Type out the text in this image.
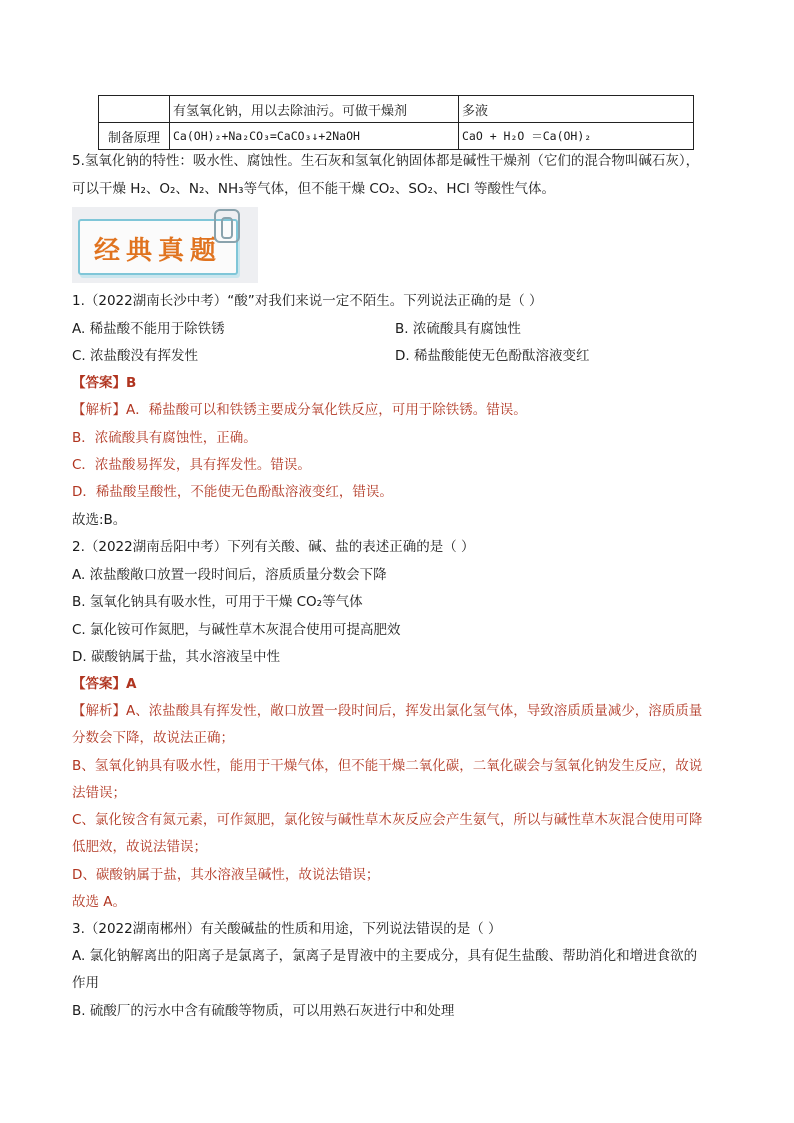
	有氢氧化钠，用以去除油污。可做干燥剂	多液
制备原理	Ca(OH)₂+Na₂CO₃=CaCO₃↓+2NaOH	CaO + H₂O ＝Ca(OH)₂
5.氢氧化钠的特性：吸水性、腐蚀性。生石灰和氢氧化钠固体都是碱性干燥剂（它们的混合物叫碱石灰），
可以干燥 H₂、O₂、N₂、NH₃等气体，但不能干燥 CO₂、SO₂、HCl 等酸性气体。
经典真题
1.（2022湖南长沙中考）“酸”对我们来说一定不陌生。下列说法正确的是（ ）
A. 稀盐酸不能用于除铁锈	B. 浓硫酸具有腐蚀性
C. 浓盐酸没有挥发性	D. 稀盐酸能使无色酚酞溶液变红
【答案】B
【解析】A．稀盐酸可以和铁锈主要成分氧化铁反应，可用于除铁锈。错误。
B．浓硫酸具有腐蚀性，正确。
C．浓盐酸易挥发，具有挥发性。错误。
D．稀盐酸呈酸性，不能使无色酚酞溶液变红，错误。
故选:B。
2.（2022湖南岳阳中考）下列有关酸、碱、盐的表述正确的是（ ）
A. 浓盐酸敞口放置一段时间后，溶质质量分数会下降
B. 氢氧化钠具有吸水性，可用于干燥 CO₂等气体
C. 氯化铵可作氮肥，与碱性草木灰混合使用可提高肥效
D. 碳酸钠属于盐，其水溶液呈中性
【答案】A
【解析】A、浓盐酸具有挥发性，敞口放置一段时间后，挥发出氯化氢气体，导致溶质质量减少，溶质质量
分数会下降，故说法正确；
B、氢氧化钠具有吸水性，能用于干燥气体，但不能干燥二氧化碳，二氧化碳会与氢氧化钠发生反应，故说
法错误；
C、氯化铵含有氮元素，可作氮肥，氯化铵与碱性草木灰反应会产生氨气，所以与碱性草木灰混合使用可降
低肥效，故说法错误；
D、碳酸钠属于盐，其水溶液呈碱性，故说法错误；
故选 A。
3.（2022湖南郴州）有关酸碱盐的性质和用途，下列说法错误的是（ ）
A. 氯化钠解离出的阳离子是氯离子，氯离子是胃液中的主要成分，具有促生盐酸、帮助消化和增进食欲的
作用
B. 硫酸厂的污水中含有硫酸等物质，可以用熟石灰进行中和处理
